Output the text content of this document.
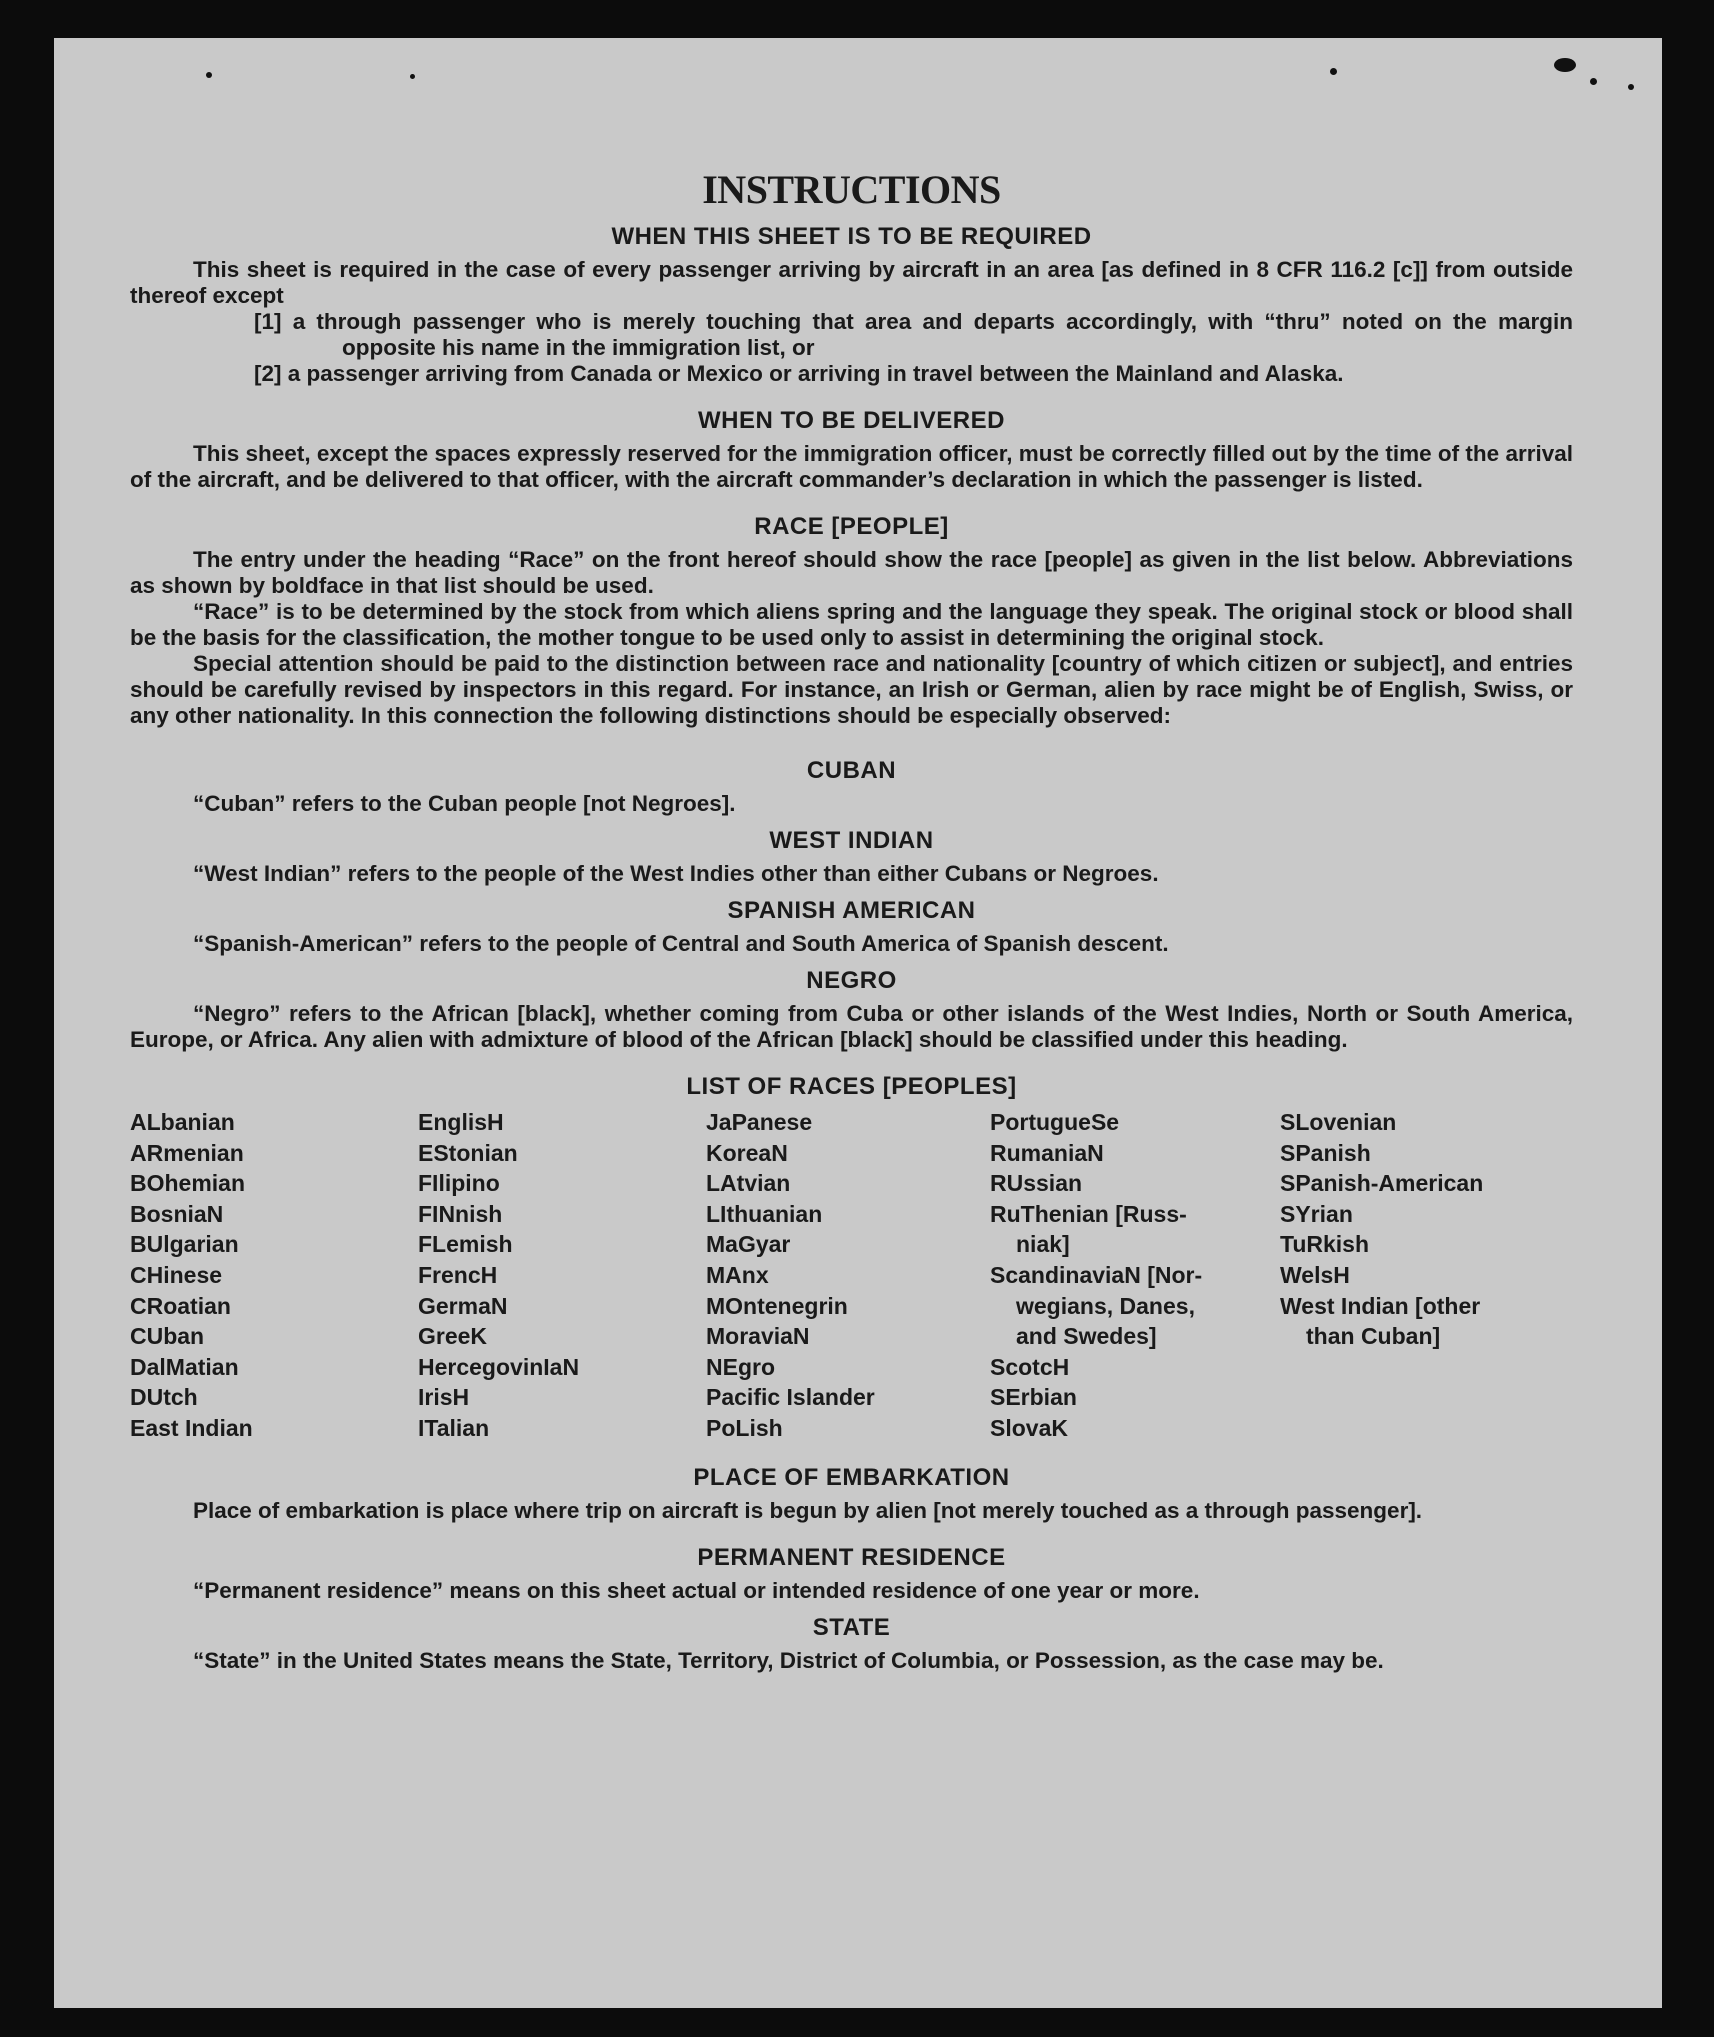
INSTRUCTIONS
WHEN THIS SHEET IS TO BE REQUIRED

This sheet is required in the case of every passenger arriving by aircraft in an area [as defined in 8 CFR 116.2 [c]] from outside thereof except

[1] a through passenger who is merely touching that area and departs accordingly, with “thru” noted on the margin opposite his name in the immigration list, or

[2] a passenger arriving from Canada or Mexico or arriving in travel between the Mainland and Alaska.

WHEN TO BE DELIVERED

This sheet, except the spaces expressly reserved for the immigration officer, must be correctly filled out by the time of the arrival of the aircraft, and be delivered to that officer, with the aircraft commander’s declaration in which the passenger is listed.

RACE [PEOPLE]

The entry under the heading “Race” on the front hereof should show the race [people] as given in the list below. Abbreviations as shown by boldface in that list should be used.

“Race” is to be determined by the stock from which aliens spring and the language they speak. The original stock or blood shall be the basis for the classification, the mother tongue to be used only to assist in determining the original stock.

Special attention should be paid to the distinction between race and nationality [country of which citizen or subject], and entries should be carefully revised by inspectors in this regard. For instance, an Irish or German, alien by race might be of English, Swiss, or any other nationality. In this connection the following distinctions should be especially observed:

CUBAN

“Cuban” refers to the Cuban people [not Negroes].

WEST INDIAN

“West Indian” refers to the people of the West Indies other than either Cubans or Negroes.

SPANISH AMERICAN

“Spanish-American” refers to the people of Central and South America of Spanish descent.

NEGRO

“Negro” refers to the African [black], whether coming from Cuba or other islands of the West Indies, North or South America, Europe, or Africa. Any alien with admixture of blood of the African [black] should be classified under this heading.

LIST OF RACES [PEOPLES]
ALbanian
ARmenian
BOhemian
BosniaN
BUlgarian
CHinese
CRoatian
CUban
DalMatian
DUtch
East Indian
EnglisH
EStonian
FIlipino
FINnish
FLemish
FrencH
GermaN
GreeK
HercegovinIaN
IrisH
ITalian
JaPanese
KoreaN
LAtvian
LIthuanian
MaGyar
MAnx
MOntenegrin
MoraviaN
NEgro
Pacific Islander
PoLish
PortugueSe
RumaniaN
RUssian
RuThenian [Russ-
niak]
ScandinaviaN [Nor-
wegians, Danes,
and Swedes]
ScotcH
SErbian
SlovaK
SLovenian
SPanish
SPanish-American
SYrian
TuRkish
WelsH
West Indian [other
than Cuban]
PLACE OF EMBARKATION

Place of embarkation is place where trip on aircraft is begun by alien [not merely touched as a through passenger].

PERMANENT RESIDENCE

“Permanent residence” means on this sheet actual or intended residence of one year or more.

STATE

“State” in the United States means the State, Territory, District of Columbia, or Possession, as the case may be.
